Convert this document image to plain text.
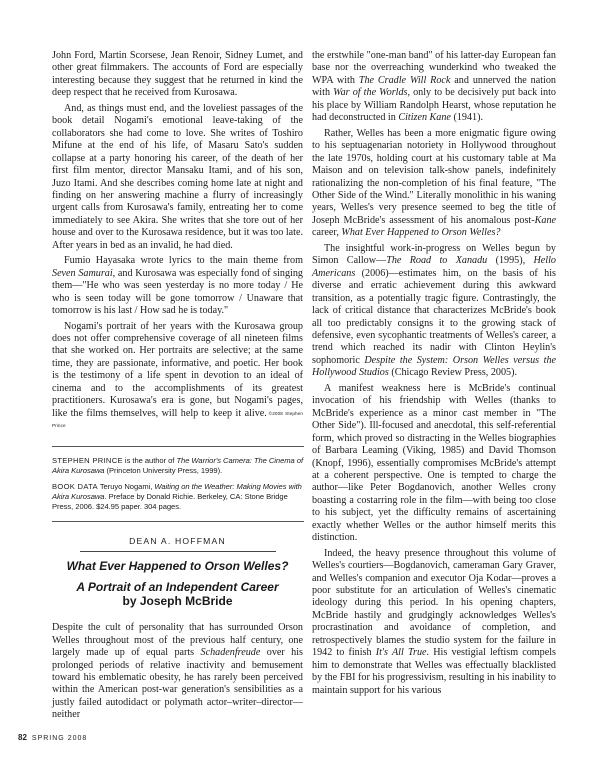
John Ford, Martin Scorsese, Jean Renoir, Sidney Lumet, and other great filmmakers. The accounts of Ford are especially interesting because they suggest that he returned in kind the deep respect that he received from Kurosawa.

And, as things must end, and the loveliest passages of the book detail Nogami's emotional leave-taking of the collaborators she had come to love. She writes of Toshiro Mifune at the end of his life, of Masaru Sato's sudden collapse at a party honoring his career, of the death of her first film mentor, director Mansaku Itami, and of his son, Juzo Itami. And she describes coming home late at night and finding on her answering machine a flurry of increasingly urgent calls from Kurosawa's family, entreating her to come immediately to see Akira. She writes that she tore out of her house and over to the Kurosawa residence, but it was too late. After years in bed as an invalid, he had died.

Fumio Hayasaka wrote lyrics to the main theme from Seven Samurai, and Kurosawa was especially fond of singing them—"He who was seen yesterday is no more today / He who is seen today will be gone tomorrow / Unaware that tomorrow is his last / How sad he is today."

Nogami's portrait of her years with the Kurosawa group does not offer comprehensive coverage of all nineteen films that she worked on. Her portraits are selective; at the same time, they are passionate, informative, and poetic. Her book is the testimony of a life spent in devotion to an ideal of cinema and to the accomplishments of its greatest practitioners. Kurosawa's era is gone, but Nogami's pages, like the films themselves, will help to keep it alive. ©2008 Stephen Prince

STEPHEN PRINCE is the author of The Warrior's Camera: The Cinema of Akira Kurosawa (Princeton University Press, 1999).

BOOK DATA Teruyo Nogami, Waiting on the Weather: Making Movies with Akira Kurosawa. Preface by Donald Richie. Berkeley, CA: Stone Bridge Press, 2006. $24.95 paper. 304 pages.

DEAN A. HOFFMAN
What Ever Happened to Orson Welles?
A Portrait of an Independent Career
by Joseph McBride

Despite the cult of personality that has surrounded Orson Welles throughout most of the previous half century, one largely made up of equal parts Schadenfreude over his prolonged periods of relative inactivity and bemusement toward his emblematic obesity, he has rarely been perceived within the American post-war generation's sensibilities as a justly failed autodidact or polymath actor–writer–director—neither

the erstwhile "one-man band" of his latter-day European fan base nor the overreaching wunderkind who tweaked the WPA with The Cradle Will Rock and unnerved the nation with War of the Worlds, only to be decisively put back into his place by William Randolph Hearst, whose reputation he had deconstructed in Citizen Kane (1941).

Rather, Welles has been a more enigmatic figure owing to his septuagenarian notoriety in Hollywood throughout the late 1970s, holding court at his customary table at Ma Maison and on television talk-show panels, indefinitely rationalizing the non-completion of his final feature, "The Other Side of the Wind." Literally monolithic in his waning years, Welles's very presence seemed to beg the title of Joseph McBride's assessment of his anomalous post-Kane career, What Ever Happened to Orson Welles?

The insightful work-in-progress on Welles begun by Simon Callow—The Road to Xanadu (1995), Hello Americans (2006)—estimates him, on the basis of his diverse and erratic achievement during this awkward transition, as a potentially tragic figure. Contrastingly, the lack of critical distance that characterizes McBride's book all too predictably consigns it to the growing stack of defensive, even sycophantic treatments of Welles's career, a trend which reached its nadir with Clinton Heylin's sophomoric Despite the System: Orson Welles versus the Hollywood Studios (Chicago Review Press, 2005).

A manifest weakness here is McBride's continual invocation of his friendship with Welles (thanks to McBride's experience as a minor cast member in "The Other Side"). Ill-focused and anecdotal, this self-referential form, which proved so distracting in the Welles biographies of Barbara Leaming (Viking, 1985) and David Thomson (Knopf, 1996), essentially compromises McBride's attempt at a coherent perspective. One is tempted to charge the author—like Peter Bogdanovich, another Welles crony boasting a costarring role in the film—with being too close to his subject, yet the difficulty remains of ascertaining exactly whether Welles or the author himself merits this distinction.

Indeed, the heavy presence throughout this volume of Welles's courtiers—Bogdanovich, cameraman Gary Graver, and Welles's companion and executor Oja Kodar—proves a poor substitute for an articulation of Welles's cinematic ideology during this period. In his opening chapters, McBride hastily and grudgingly acknowledges Welles's procrastination and avoidance of completion, and retrospectively blames the studio system for the failure in 1942 to finish It's All True. His vestigial leftism compels him to demonstrate that Welles was effectually blacklisted by the FBI for his progressivism, resulting in his inability to maintain support for his various

82 SPRING 2008
